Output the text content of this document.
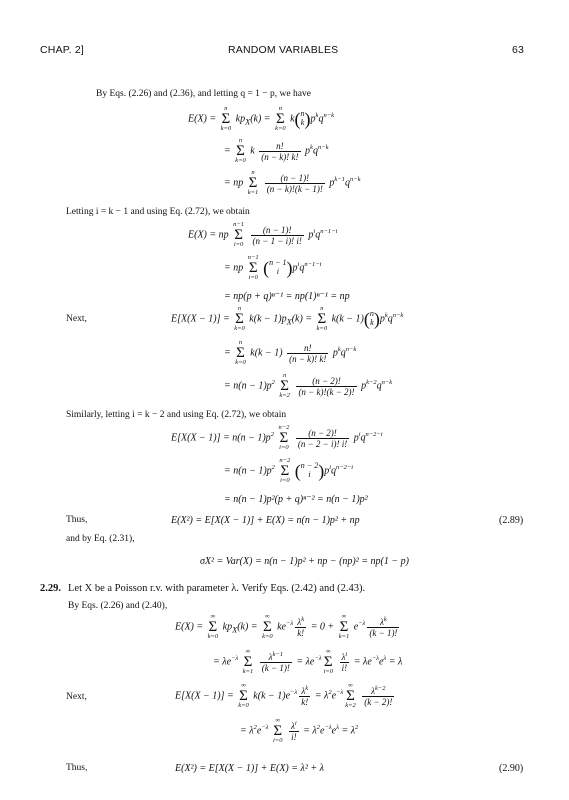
CHAP. 2]	RANDOM VARIABLES	63
By Eqs. (2.26) and (2.36), and letting q = 1 − p, we have
E(X) =
n
Σ
k=0
$kp_X(k)$ =
n
Σ
k=0
k(n
$k)p^kq^{n-k}$
=
n
Σ
k=0
k $\frac{n!}{(n - k)! k!} p^kq^{n-k}$
= np
n
Σ
k=1
$\frac{(n - 1)!}{(n - k)!(k - 1)!} p^{k-1}q^{n-k}$
Letting i = k − 1 and using Eq. (2.72), we obtain
E(X) = np
n−1
Σ
i=0
$\frac{(n - 1)!}{(n - 1 - i)! i!} p^iq^{n-1-i}$
= np
n−1
Σ
i=0 (n − 1
i )$p^iq^{n-1-i}$
= np(p + q)ⁿ⁻¹ = np(1)ⁿ⁻¹ = np
Next,	E[X(X − 1)] =
n
Σ
k=0
$k(k - 1)p_X(k)$ =
n
Σ
k=0
k(k − 1)(n
$k)p^kq^{n-k}$
=
n
Σ
k=0
$k(k - 1) \frac{n!}{(n - k)! k!} p^kq^{n-k}$
= $n(n - 1)p^2$
n
Σ
k=2
$\frac{(n - 2)!}{(n - k)!(k - 2)!} p^{k-2}q^{n-k}$
Similarly, letting i = k − 2 and using Eq. (2.72), we obtain
$E[X(X - 1)] = n(n - 1)p^2$
n−2
Σ
i=0
$\frac{(n - 2)!}{(n - 2 - i)! i!} p^iq^{n-2-i}$
= $n(n - 1)p^2$
n−2
Σ
i=0 (n − 2
i )$p^iq^{n-2-i}$
= n(n − 1)p²(p + q)ⁿ⁻² = n(n − 1)p²
Thus,	E(X²) = E[X(X − 1)] + E(X) = n(n − 1)p² + np	(2.89)
and by Eq. (2.31),
σX² = Var(X) = n(n − 1)p² + np − (np)² = np(1 − p)
2.29. Let X be a Poisson r.v. with parameter λ. Verify Eqs. (2.42) and (2.43).
By Eqs. (2.26) and (2.40),
E(X) =
∞
Σ
k=0
$kp_X(k)$ =
∞
Σ
k=0
$ke^{-\lambda} \frac{\lambda^k}{k!} = 0$ +
∞
Σ
k=1
$e^{-\lambda} \frac{\lambda^k}{(k - 1)!}$
= $\lambda e^{-\lambda}$
∞
Σ
k=1
$\frac{\lambda^{k-1}}{(k - 1)!} = \lambda e^{-\lambda}$
∞
Σ
i=0
$\frac{\lambda^i}{i!} = \lambda e^{-\lambda}e^\lambda = \lambda$
Next,	E[X(X − 1)] =
∞
Σ
k=0
$k(k - 1)e^{-\lambda} \frac{\lambda^k}{k!} = \lambda^2e^{-\lambda}$
∞
Σ
k=2
$\frac{\lambda^{k-2}}{(k - 2)!}$
= $\lambda^2e^{-\lambda}$
∞
Σ
i=0
$\frac{\lambda^i}{i!} = \lambda^2e^{-\lambda}e^\lambda = \lambda^2$
Thus,	E(X²) = E[X(X − 1)] + E(X) = λ² + λ	(2.90)
